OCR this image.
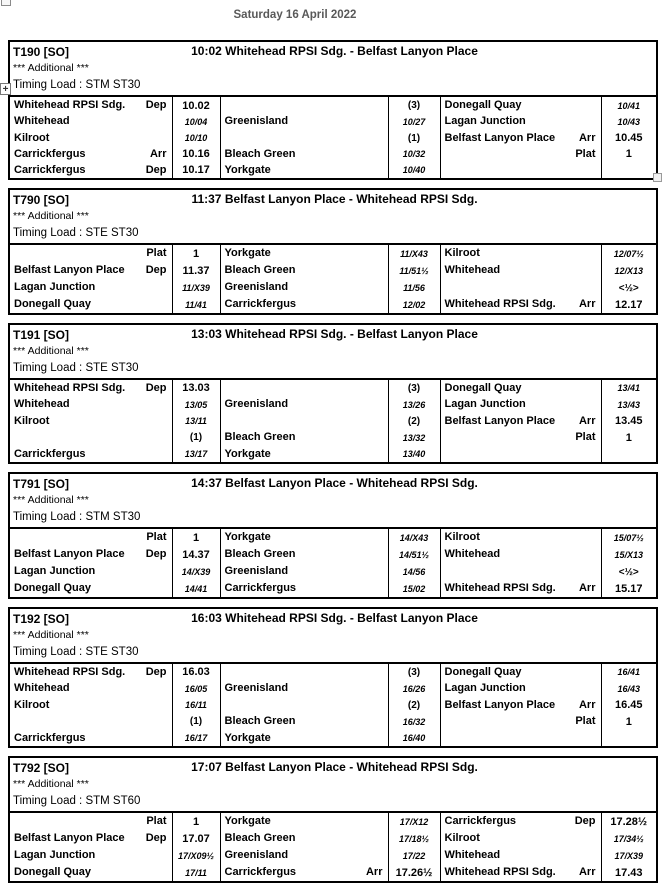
Saturday 16 April 2022
T190 [SO]	10:02 Whitehead RPSI Sdg. - Belfast Lanyon Place
*** Additional ***
Timing Load : STM ST30
Whitehead RPSI Sdg. Dep	10.02		(3)	Donegall Quay	10/41

Whitehead	10/04	Greenisland	10/27	Lagan Junction	10/43

Kilroot	10/10		(1)	Belfast Lanyon Place Arr	10.45

Carrickfergus Arr	10.16	Bleach Green	10/32	Plat	1

Carrickfergus Dep	10.17	Yorkgate	10/40	

+
T790 [SO]	11:37 Belfast Lanyon Place - Whitehead RPSI Sdg.
*** Additional ***
Timing Load : STE ST30
Plat	1	Yorkgate	11/X43	Kilroot	12/07½

Belfast Lanyon Place Dep	11.37	Bleach Green	11/51½	Whitehead	12/X13

Lagan Junction	11/X39	Greenisland	11/56		<½>

Donegall Quay	11/41	Carrickfergus	12/02	Whitehead RPSI Sdg. Arr	12.17
T191 [SO]	13:03 Whitehead RPSI Sdg. - Belfast Lanyon Place
*** Additional ***
Timing Load : STE ST30
Whitehead RPSI Sdg. Dep	13.03		(3)	Donegall Quay	13/41

Whitehead	13/05	Greenisland	13/26	Lagan Junction	13/43

Kilroot	13/11		(2)	Belfast Lanyon Place Arr	13.45

	(1)	Bleach Green	13/32	Plat	1

Carrickfergus	13/17	Yorkgate	13/40	

T791 [SO]	14:37 Belfast Lanyon Place - Whitehead RPSI Sdg.
*** Additional ***
Timing Load : STM ST30
Plat	1	Yorkgate	14/X43	Kilroot	15/07½

Belfast Lanyon Place Dep	14.37	Bleach Green	14/51½	Whitehead	15/X13

Lagan Junction	14/X39	Greenisland	14/56		<½>

Donegall Quay	14/41	Carrickfergus	15/02	Whitehead RPSI Sdg. Arr	15.17
T192 [SO]	16:03 Whitehead RPSI Sdg. - Belfast Lanyon Place
*** Additional ***
Timing Load : STE ST30
Whitehead RPSI Sdg. Dep	16.03		(3)	Donegall Quay	16/41

Whitehead	16/05	Greenisland	16/26	Lagan Junction	16/43

Kilroot	16/11		(2)	Belfast Lanyon Place Arr	16.45

	(1)	Bleach Green	16/32	Plat	1

Carrickfergus	16/17	Yorkgate	16/40	

T792 [SO]	17:07 Belfast Lanyon Place - Whitehead RPSI Sdg.
*** Additional ***
Timing Load : STM ST60
Plat	1	Yorkgate	17/X12	Carrickfergus Dep	17.28½

Belfast Lanyon Place Dep	17.07	Bleach Green	17/18½	Kilroot	17/34½

Lagan Junction	17/X09½	Greenisland	17/22	Whitehead	17/X39

Donegall Quay	17/11	Carrickfergus Arr	17.26½	Whitehead RPSI Sdg. Arr	17.43
